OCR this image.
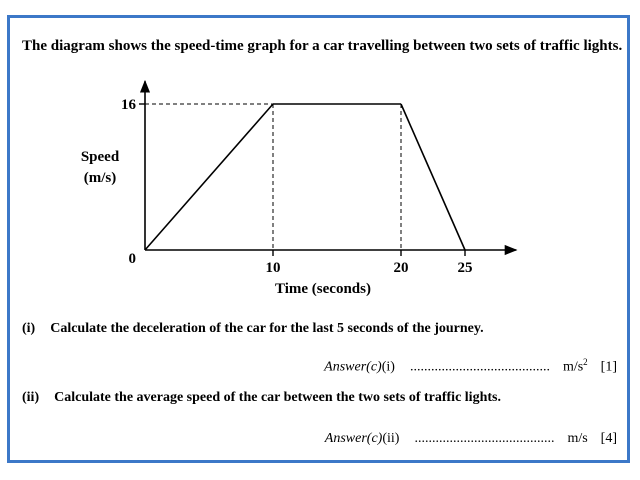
The diagram shows the speed-time graph for a car travelling between two sets of traffic lights.
16
10	20	25
0
Speed
(m/s)
Time (seconds)
(i) Calculate the deceleration of the car for the last 5 seconds of the journey.
Answer(c)(i) ........................................ $m/s^2$ [1]
(ii) Calculate the average speed of the car between the two sets of traffic lights.
Answer(c)(ii) ........................................ m/s [4]
